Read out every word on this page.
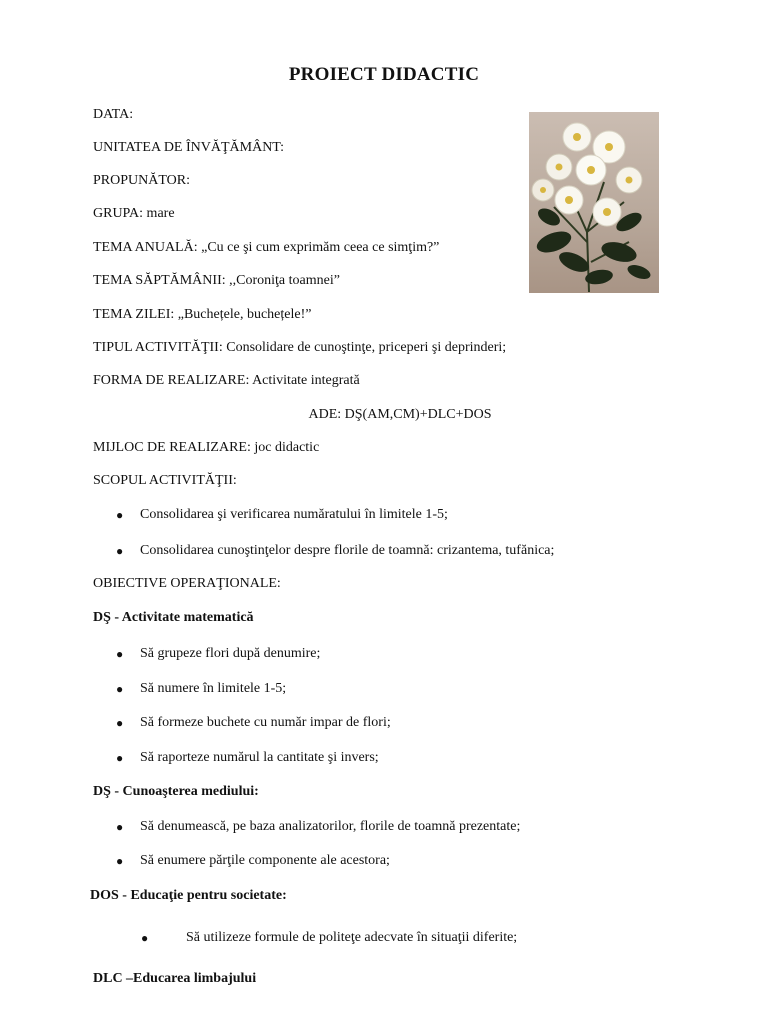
PROIECT DIDACTIC
DATA:
UNITATEA DE ÎNVĂŢĂMÂNT:
PROPUNĂTOR:
GRUPA: mare
TEMA ANUALĂ: „Cu ce şi cum exprimăm ceea ce simţim?”
TEMA SĂPTĂMÂNII: ,,Coroniţa toamnei”
TEMA ZILEI: „Buchețele, buchețele!”
TIPUL ACTIVITĂŢII: Consolidare de cunoştinţe, priceperi şi deprinderi;
FORMA DE REALIZARE: Activitate integrată
ADE: DŞ(AM,CM)+DLC+DOS
MIJLOC DE REALIZARE: joc didactic
SCOPUL ACTIVITĂŢII:
● Consolidarea şi verificarea număratului în limitele 1-5;
● Consolidarea cunoştinţelor despre florile de toamnă: crizantema, tufănica;
OBIECTIVE OPERAŢIONALE:
DŞ - Activitate matematică
● Să grupeze flori după denumire;
● Să numere în limitele 1-5;
● Să formeze buchete cu număr impar de flori;
● Să raporteze numărul la cantitate şi invers;
DŞ - Cunoaşterea mediului:
● Să denumească, pe baza analizatorilor, florile de toamnă prezentate;
● Să enumere părţile componente ale acestora;
DOS - Educaţie pentru societate:
●	Să utilizeze formule de politeţe adecvate în situaţii diferite;
DLC –Educarea limbajului
